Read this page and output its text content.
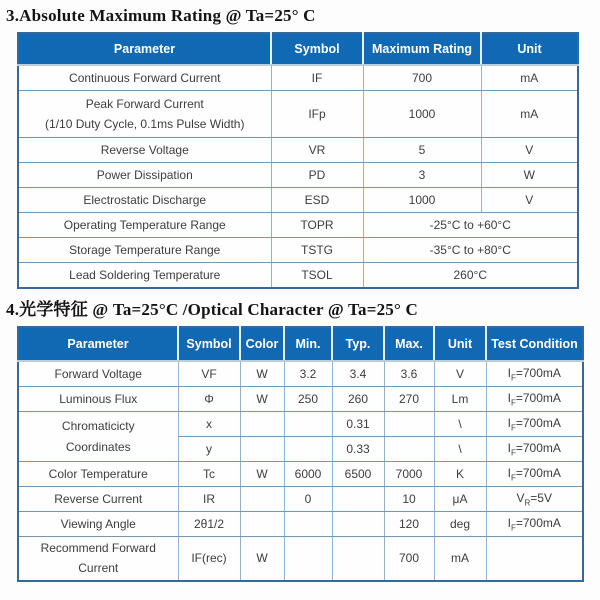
3.Absolute Maximum Rating @ Ta=25° C
Parameter	Symbol	Maximum Rating	Unit
Continuous Forward Current	IF	700	mA

Peak Forward Current
(1/10 Duty Cycle, 0.1ms Pulse Width)	IFp	1000	mA
Reverse Voltage	VR	5	V
Power Dissipation	PD	3	W
Electrostatic Discharge	ESD	1000	V
Operating Temperature Range	TOPR	-25°C to +60°C	
Storage Temperature Range	TSTG	-35°C to +80°C	
Lead Soldering Temperature	TSOL	260°C	
4.光学特征 @ Ta=25°C /Optical Character @ Ta=25° C
Parameter	Symbol	Color	Min.	Typ.	Max.	Unit	Test Condition
Forward Voltage	VF	W	3.2	3.4	3.6	V	$I_F=700mA$
Luminous Flux	Φ	W	250	260	270	Lm	$I_F=700mA$

Chromaticicty
Coordinates	x			0.31		\	$I_F=700mA$
	y			0.33		\	$I_F=700mA$
Color Temperature	Tc	W	6000	6500	7000	K	$I_F=700mA$
Reverse Current	IR		0		10	μA	$V_R=5V$
Viewing Angle	2θ1/2				120	deg	$I_F=700mA$

Recommend Forward
Current	IF(rec)	W			700	mA	
